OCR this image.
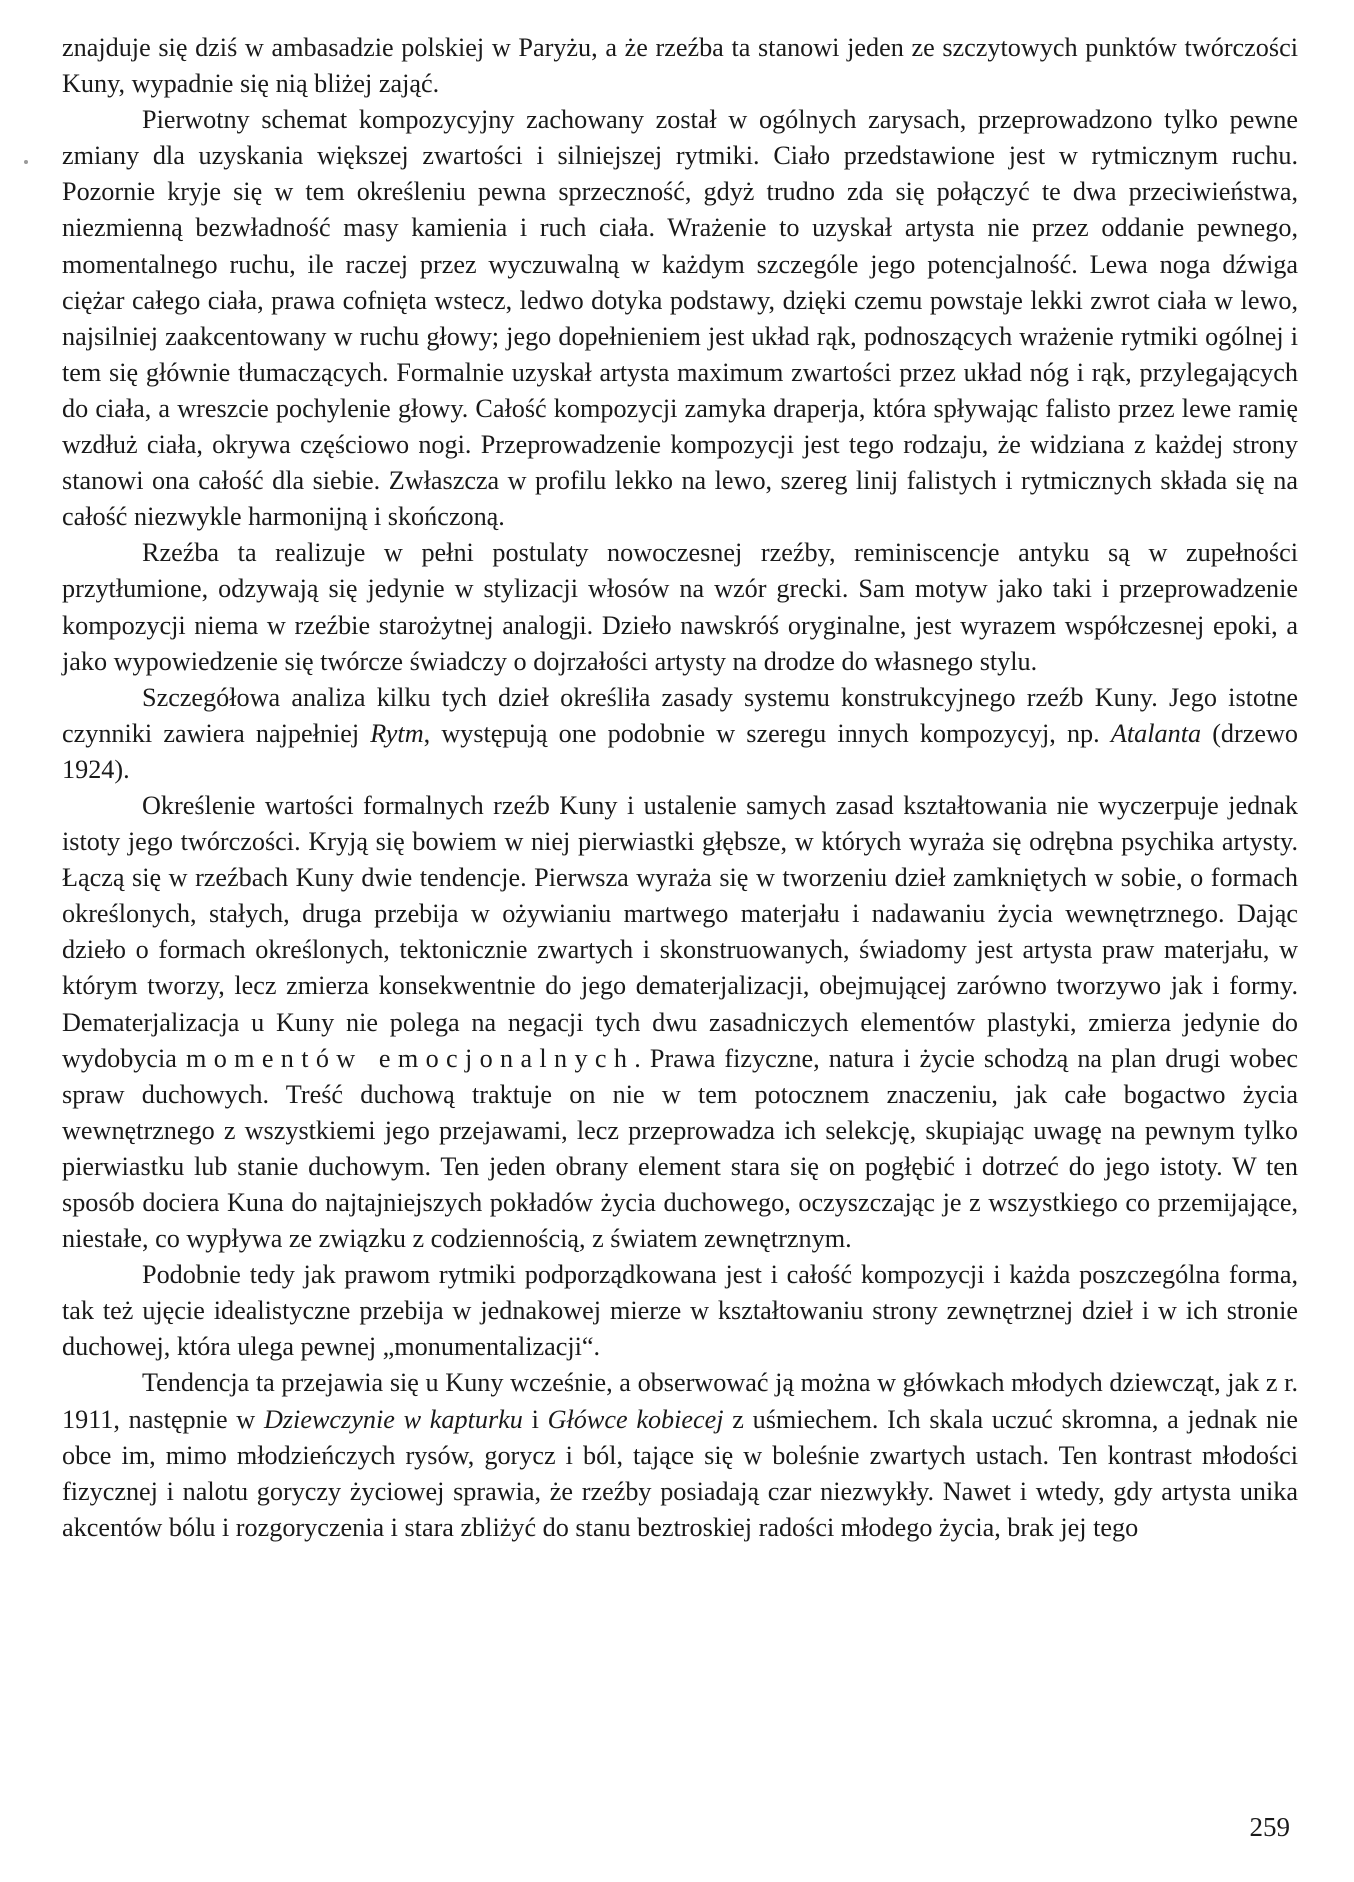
znajduje się dziś w ambasadzie polskiej w Paryżu, a że rzeźba ta stanowi jeden ze szczytowych punktów twórczości Kuny, wypadnie się nią bliżej zająć.

Pierwotny schemat kompozycyjny zachowany został w ogólnych zarysach, przeprowadzono tylko pewne zmiany dla uzyskania większej zwartości i silniejszej rytmiki. Ciało przedstawione jest w rytmicznym ruchu. Pozornie kryje się w tem określeniu pewna sprzeczność, gdyż trudno zda się połączyć te dwa przeciwieństwa, niezmienną bezwładność masy kamienia i ruch ciała. Wrażenie to uzyskał artysta nie przez oddanie pewnego, momentalnego ruchu, ile raczej przez wyczuwalną w każdym szczególe jego potencjalność. Lewa noga dźwiga ciężar całego ciała, prawa cofnięta wstecz, ledwo dotyka podstawy, dzięki czemu powstaje lekki zwrot ciała w lewo, najsilniej zaakcentowany w ruchu głowy; jego dopełnieniem jest układ rąk, podnoszących wrażenie rytmiki ogólnej i tem się głównie tłumaczących. Formalnie uzyskał artysta maximum zwartości przez układ nóg i rąk, przylegających do ciała, a wreszcie pochylenie głowy. Całość kompozycji zamyka draperja, która spływając falisto przez lewe ramię wzdłuż ciała, okrywa częściowo nogi. Przeprowadzenie kompozycji jest tego rodzaju, że widziana z każdej strony stanowi ona całość dla siebie. Zwłaszcza w profilu lekko na lewo, szereg linij falistych i rytmicznych składa się na całość niezwykle harmonijną i skończoną.

Rzeźba ta realizuje w pełni postulaty nowoczesnej rzeźby, reminiscencje antyku są w zupełności przytłumione, odzywają się jedynie w stylizacji włosów na wzór grecki. Sam motyw jako taki i przeprowadzenie kompozycji niema w rzeźbie starożytnej analogji. Dzieło nawskróś oryginalne, jest wyrazem współczesnej epoki, a jako wypowiedzenie się twórcze świadczy o dojrzałości artysty na drodze do własnego stylu.

Szczegółowa analiza kilku tych dzieł określiła zasady systemu konstrukcyjnego rzeźb Kuny. Jego istotne czynniki zawiera najpełniej Rytm, występują one podobnie w szeregu innych kompozycyj, np. Atalanta (drzewo 1924).

Określenie wartości formalnych rzeźb Kuny i ustalenie samych zasad kształtowania nie wyczerpuje jednak istoty jego twórczości. Kryją się bowiem w niej pierwiastki głębsze, w których wyraża się odrębna psychika artysty. Łączą się w rzeźbach Kuny dwie tendencje. Pierwsza wyraża się w tworzeniu dzieł zamkniętych w sobie, o formach określonych, stałych, druga przebija w ożywianiu martwego materjału i nadawaniu życia wewnętrznego. Dając dzieło o formach określonych, tektonicznie zwartych i skonstruowanych, świadomy jest artysta praw materjału, w którym tworzy, lecz zmierza konsekwentnie do jego dematerjalizacji, obejmującej zarówno tworzywo jak i formy. Dematerjalizacja u Kuny nie polega na negacji tych dwu zasadniczych elementów plastyki, zmierza jedynie do wydobycia momentów emocjonalnych. Prawa fizyczne, natura i życie schodzą na plan drugi wobec spraw duchowych. Treść duchową traktuje on nie w tem potocznem znaczeniu, jak całe bogactwo życia wewnętrznego z wszystkiemi jego przejawami, lecz przeprowadza ich selekcję, skupiając uwagę na pewnym tylko pierwiastku lub stanie duchowym. Ten jeden obrany element stara się on pogłębić i dotrzeć do jego istoty. W ten sposób dociera Kuna do najtajniejszych pokładów życia duchowego, oczyszczając je z wszystkiego co przemijające, niestałe, co wypływa ze związku z codziennością, z światem zewnętrznym.

Podobnie tedy jak prawom rytmiki podporządkowana jest i całość kompozycji i każda poszczególna forma, tak też ujęcie idealistyczne przebija w jednakowej mierze w kształtowaniu strony zewnętrznej dzieł i w ich stronie duchowej, która ulega pewnej „monumentalizacji“.

Tendencja ta przejawia się u Kuny wcześnie, a obserwować ją można w główkach młodych dziewcząt, jak z r. 1911, następnie w Dziewczynie w kapturku i Główce kobiecej z uśmiechem. Ich skala uczuć skromna, a jednak nie obce im, mimo młodzieńczych rysów, gorycz i ból, tające się w boleśnie zwartych ustach. Ten kontrast młodości fizycznej i nalotu goryczy życiowej sprawia, że rzeźby posiadają czar niezwykły. Nawet i wtedy, gdy artysta unika akcentów bólu i rozgoryczenia i stara zbliżyć do stanu beztroskiej radości młodego życia, brak jej tego

259
